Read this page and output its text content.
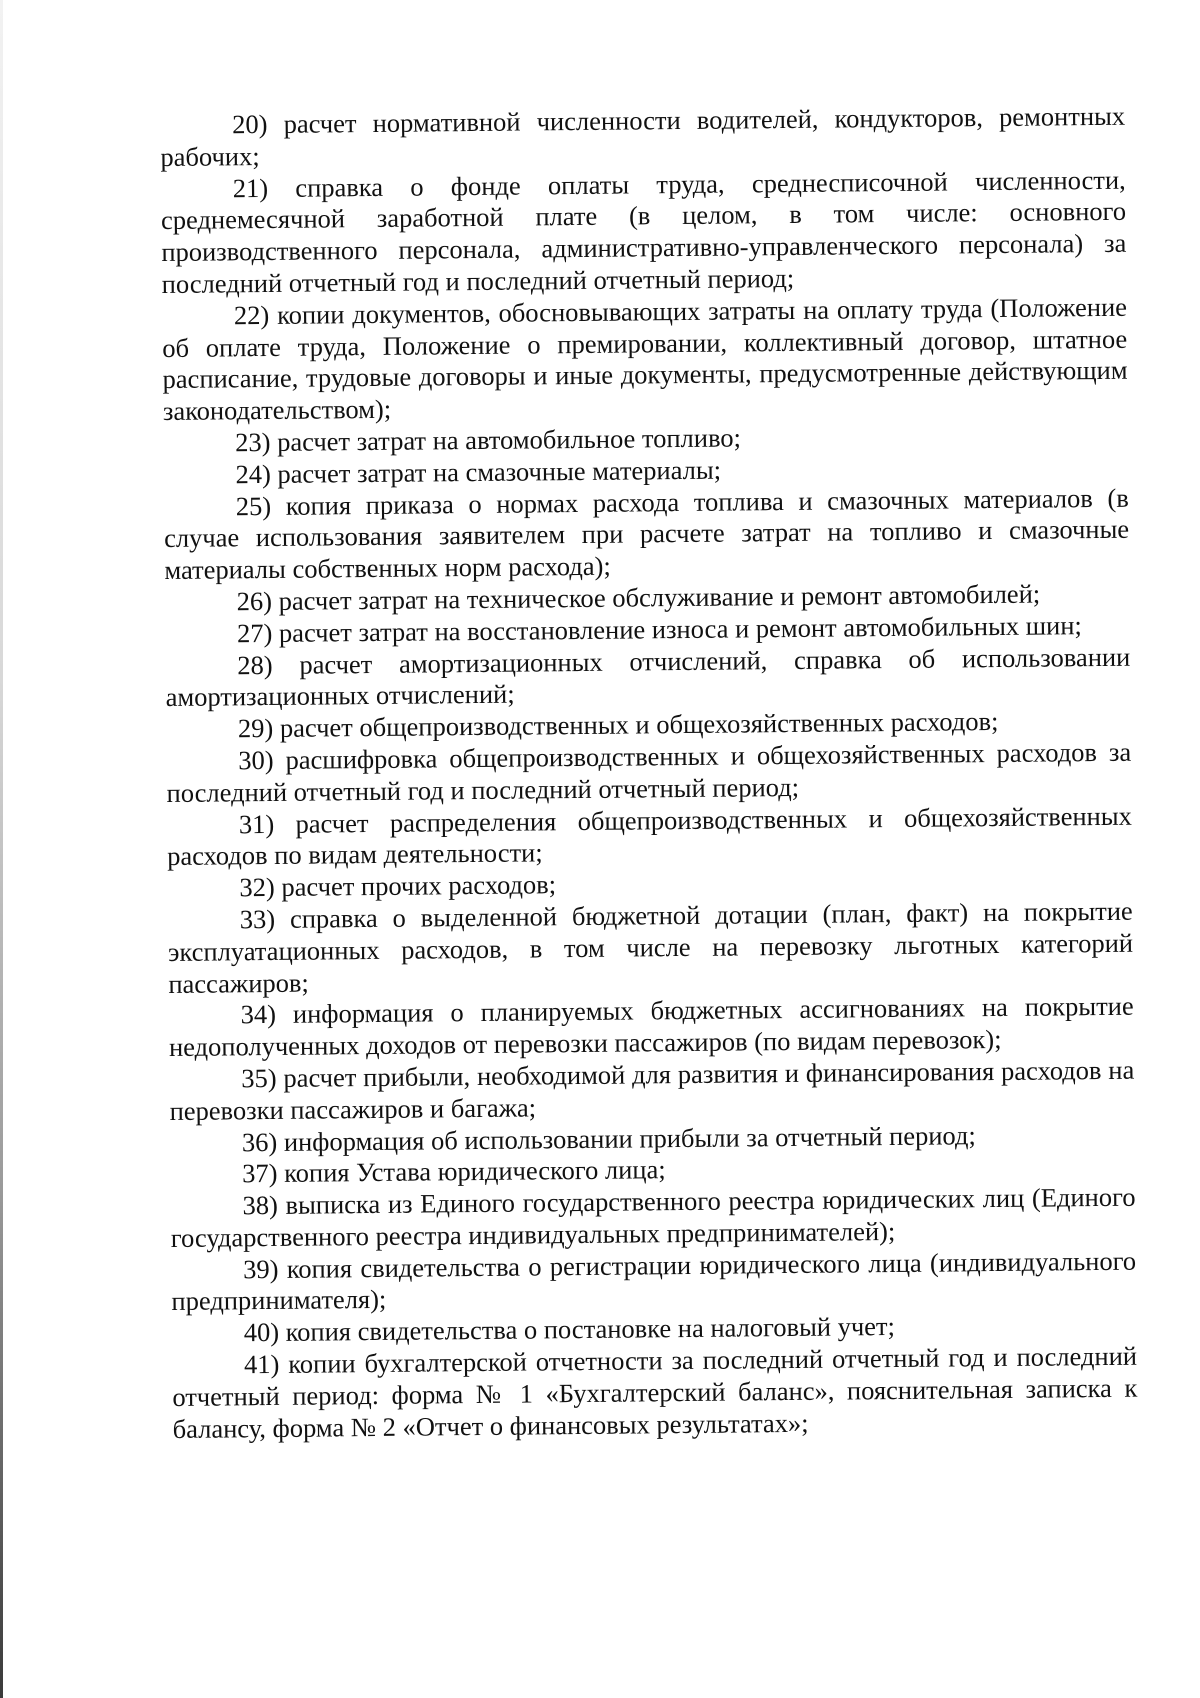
20) расчет нормативной численности водителей, кондукторов, ремонтных рабочих;

21) справка о фонде оплаты труда, среднесписочной численности, среднемесячной заработной плате (в целом, в том числе: основного производственного персонала, административно-управленческого персонала) за последний отчетный год и последний отчетный период;

22) копии документов, обосновывающих затраты на оплату труда (Положение об оплате труда, Положение о премировании, коллективный договор, штатное расписание, трудовые договоры и иные документы, предусмотренные действующим законодательством);

23) расчет затрат на автомобильное топливо;

24) расчет затрат на смазочные материалы;

25) копия приказа о нормах расхода топлива и смазочных материалов (в случае использования заявителем при расчете затрат на топливо и смазочные материалы собственных норм расхода);

26) расчет затрат на техническое обслуживание и ремонт автомобилей;

27) расчет затрат на восстановление износа и ремонт автомобильных шин;

28) расчет амортизационных отчислений, справка об использовании амортизационных отчислений;

29) расчет общепроизводственных и общехозяйственных расходов;

30) расшифровка общепроизводственных и общехозяйственных расходов за последний отчетный год и последний отчетный период;

31) расчет распределения общепроизводственных и общехозяйственных расходов по видам деятельности;

32) расчет прочих расходов;

33) справка о выделенной бюджетной дотации (план, факт) на покрытие эксплуатационных расходов, в том числе на перевозку льготных категорий пассажиров;

34) информация о планируемых бюджетных ассигнованиях на покрытие недополученных доходов от перевозки пассажиров (по видам перевозок);

35) расчет прибыли, необходимой для развития и финансирования расходов на перевозки пассажиров и багажа;

36) информация об использовании прибыли за отчетный период;

37) копия Устава юридического лица;

38) выписка из Единого государственного реестра юридических лиц (Единого государственного реестра индивидуальных предпринимателей);

39) копия свидетельства о регистрации юридического лица (индивидуального предпринимателя);

40) копия свидетельства о постановке на налоговый учет;

41) копии бухгалтерской отчетности за последний отчетный год и последний отчетный период: форма № 1 «Бухгалтерский баланс», пояснительная записка к балансу, форма № 2 «Отчет о финансовых результатах»;
